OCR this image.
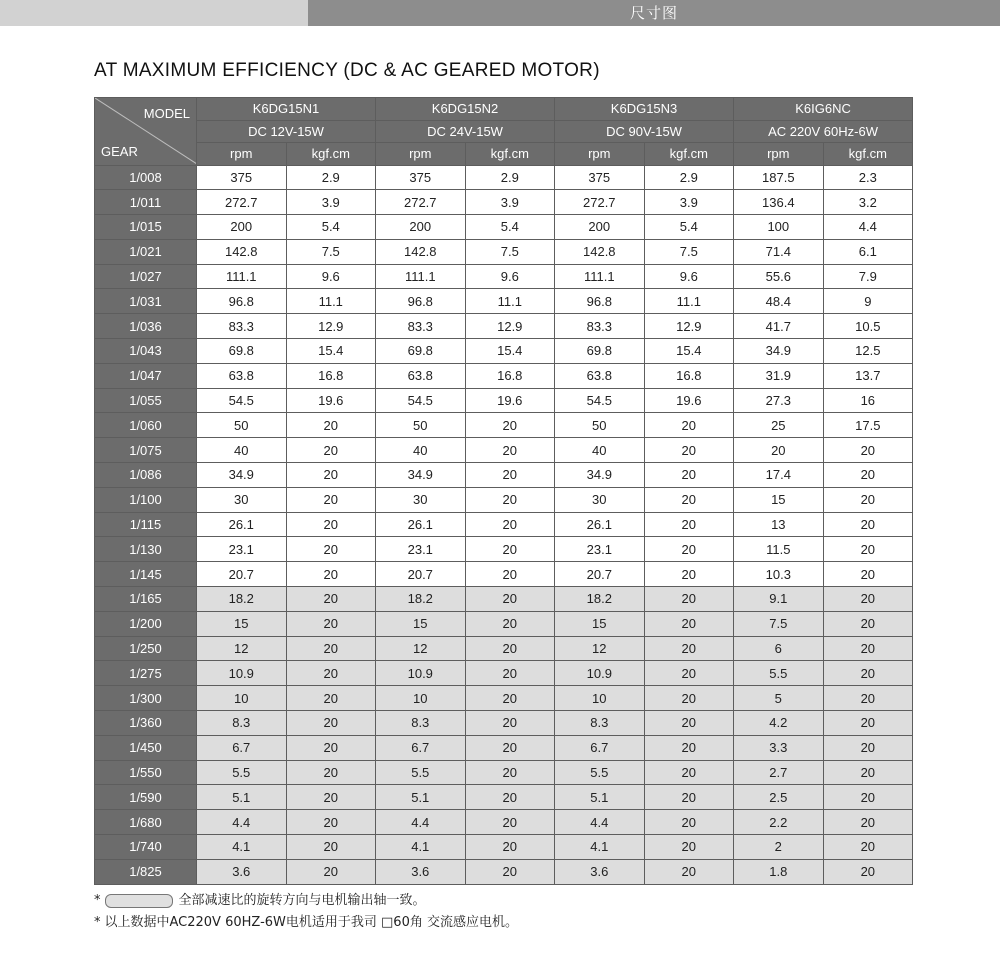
尺寸图
AT MAXIMUM EFFICIENCY (DC & AC GEARED MOTOR)
MODEL
GEAR	K6DG15N1		K6DG15N2		K6DG15N3		K6IG6NC	
	DC 12V-15W		DC 24V-15W		DC 90V-15W		AC 220V 60Hz-6W	
	rpm	kgf.cm	rpm	kgf.cm	rpm	kgf.cm	rpm	kgf.cm
1/008	375	2.9	375	2.9	375	2.9	187.5	2.3
1/011	272.7	3.9	272.7	3.9	272.7	3.9	136.4	3.2
1/015	200	5.4	200	5.4	200	5.4	100	4.4
1/021	142.8	7.5	142.8	7.5	142.8	7.5	71.4	6.1
1/027	111.1	9.6	111.1	9.6	111.1	9.6	55.6	7.9
1/031	96.8	11.1	96.8	11.1	96.8	11.1	48.4	9
1/036	83.3	12.9	83.3	12.9	83.3	12.9	41.7	10.5
1/043	69.8	15.4	69.8	15.4	69.8	15.4	34.9	12.5
1/047	63.8	16.8	63.8	16.8	63.8	16.8	31.9	13.7
1/055	54.5	19.6	54.5	19.6	54.5	19.6	27.3	16
1/060	50	20	50	20	50	20	25	17.5
1/075	40	20	40	20	40	20	20	20
1/086	34.9	20	34.9	20	34.9	20	17.4	20
1/100	30	20	30	20	30	20	15	20
1/115	26.1	20	26.1	20	26.1	20	13	20
1/130	23.1	20	23.1	20	23.1	20	11.5	20
1/145	20.7	20	20.7	20	20.7	20	10.3	20
1/165	18.2	20	18.2	20	18.2	20	9.1	20
1/200	15	20	15	20	15	20	7.5	20
1/250	12	20	12	20	12	20	6	20
1/275	10.9	20	10.9	20	10.9	20	5.5	20
1/300	10	20	10	20	10	20	5	20
1/360	8.3	20	8.3	20	8.3	20	4.2	20
1/450	6.7	20	6.7	20	6.7	20	3.3	20
1/550	5.5	20	5.5	20	5.5	20	2.7	20
1/590	5.1	20	5.1	20	5.1	20	2.5	20
1/680	4.4	20	4.4	20	4.4	20	2.2	20
1/740	4.1	20	4.1	20	4.1	20	2	20
1/825	3.6	20	3.6	20	3.6	20	1.8	20
*	全部减速比的旋转方向与电机输出轴一致。
* 以上数据中AC220V 60HZ-6W电机适用于我司 □60角 交流感应电机。
